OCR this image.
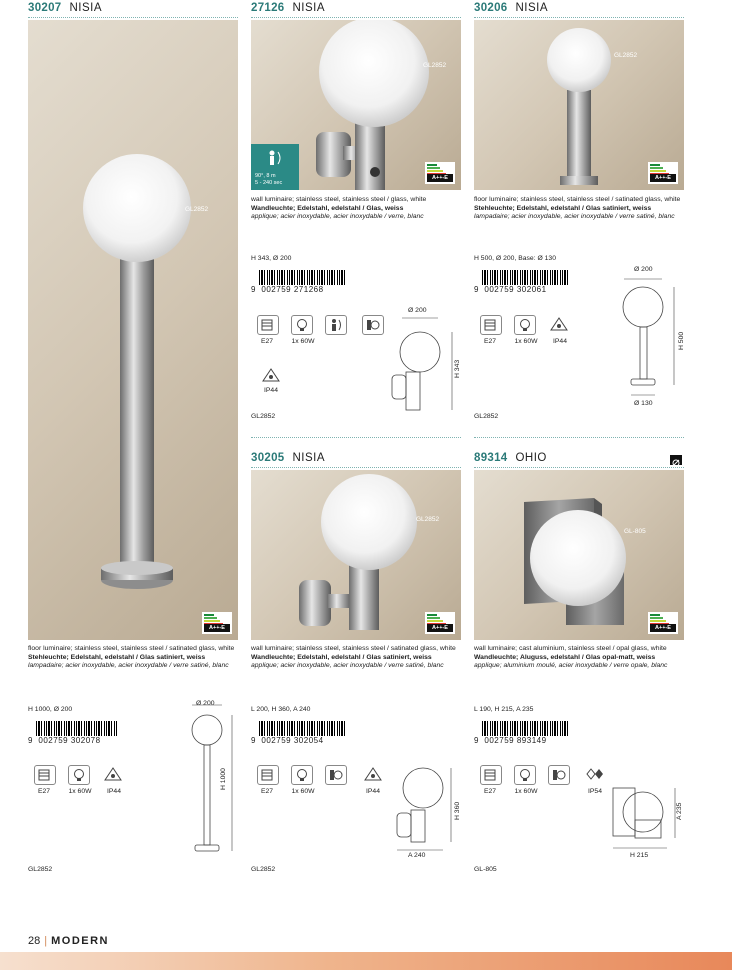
30207 NISIA
GL2852
A++-E
floor luminaire; stainless steel, stainless steel / satinated glass, white
Stehleuchte; Edelstahl, edelstahl / Glas satiniert, weiss
lampadaire; acier inoxydable, acier inoxydable / verre satiné, blanc
H 1000, Ø 200
9 002759 302078
E27	1x 60W	IP44
Ø 200
H 1000
GL2852
27126 NISIA
GL2852
90°, 8 m
5 - 240 sec
A++-E
wall luminaire; stainless steel, stainless steel / glass, white
Wandleuchte; Edelstahl, edelstahl / Glas, weiss
applique; acier inoxydable, acier inoxydable / verre, blanc
H 343, Ø 200
9 002759 271268
E27	1x 60W
IP44
Ø 200
H 343
GL2852
30206 NISIA
GL2852
A++-E
floor luminaire; stainless steel, stainless steel / satinated glass, white
Stehleuchte; Edelstahl, edelstahl / Glas satiniert, weiss
lampadaire; acier inoxydable, acier inoxydable / verre satiné, blanc
H 500, Ø 200, Base: Ø 130
9 002759 302061
E27	1x 60W	IP44
Ø 200
H 500
Ø 130
GL2852
30205 NISIA
GL2852
A++-E
wall luminaire; stainless steel, stainless steel / satinated glass, white
Wandleuchte; Edelstahl, edelstahl / Glas satiniert, weiss
applique; acier inoxydable, acier inoxydable / verre satiné, blanc
L 200, H 360, A 240
9 002759 302054
E27	1x 60W	IP44
H 360
A 240
GL2852
89314 OHIO
GL-805
A++-E
wall luminaire; cast aluminium, stainless steel / opal glass, white
Wandleuchte; Aluguss, edelstahl / Glas opal-matt, weiss
applique; aluminium moulé, acier inoxydable / verre opale, blanc
L 190, H 215, A 235
9 002759 893149
E27	1x 60W	IP54
A 235
H 215
GL-805
28 | MODERN
